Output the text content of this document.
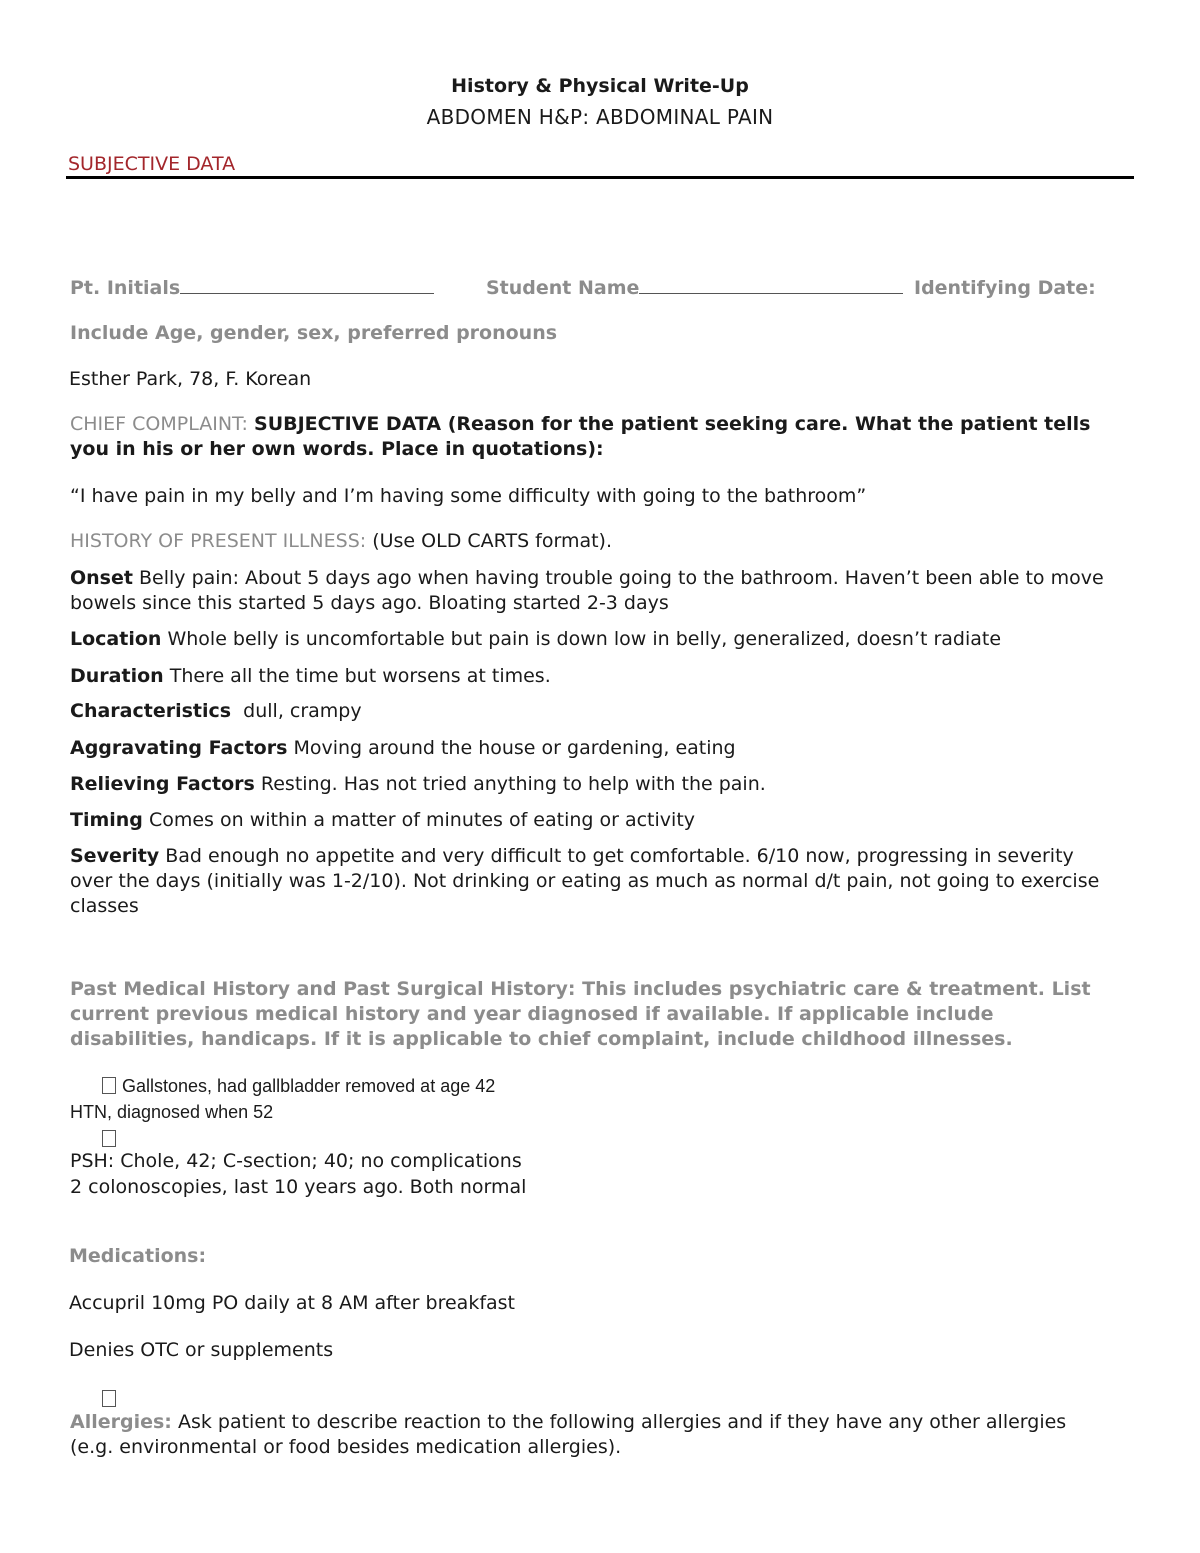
History & Physical Write-Up
ABDOMEN H&P: ABDOMINAL PAIN
SUBJECTIVE DATA
Pt. Initials	Student Name	Identifying Date:
Include Age, gender, sex, preferred pronouns
Esther Park, 78, F. Korean
CHIEF COMPLAINT: SUBJECTIVE DATA (Reason for the patient seeking care. What the patient tells you in his or her own words. Place in quotations):
“I have pain in my belly and I’m having some difficulty with going to the bathroom”
HISTORY OF PRESENT ILLNESS: (Use OLD CARTS format).
Onset Belly pain: About 5 days ago when having trouble going to the bathroom. Haven’t been able to move bowels since this started 5 days ago. Bloating started 2-3 days
Location Whole belly is uncomfortable but pain is down low in belly, generalized, doesn’t radiate
Duration There all the time but worsens at times.
Characteristics  dull, crampy
Aggravating Factors Moving around the house or gardening, eating
Relieving Factors Resting. Has not tried anything to help with the pain.
Timing Comes on within a matter of minutes of eating or activity
Severity Bad enough no appetite and very difficult to get comfortable. 6/10 now, progressing in severity over the days (initially was 1-2/10). Not drinking or eating as much as normal d/t pain, not going to exercise classes
Past Medical History and Past Surgical History: This includes psychiatric care & treatment. List current previous medical history and year diagnosed if available. If applicable include disabilities, handicaps. If it is applicable to chief complaint, include childhood illnesses.
Gallstones, had gallbladder removed at age 42
HTN, diagnosed when 52
PSH: Chole, 42; C-section; 40; no complications
2 colonoscopies, last 10 years ago. Both normal
Medications:
Accupril 10mg PO daily at 8 AM after breakfast
Denies OTC or supplements
Allergies: Ask patient to describe reaction to the following allergies and if they have any other allergies (e.g. environmental or food besides medication allergies).
